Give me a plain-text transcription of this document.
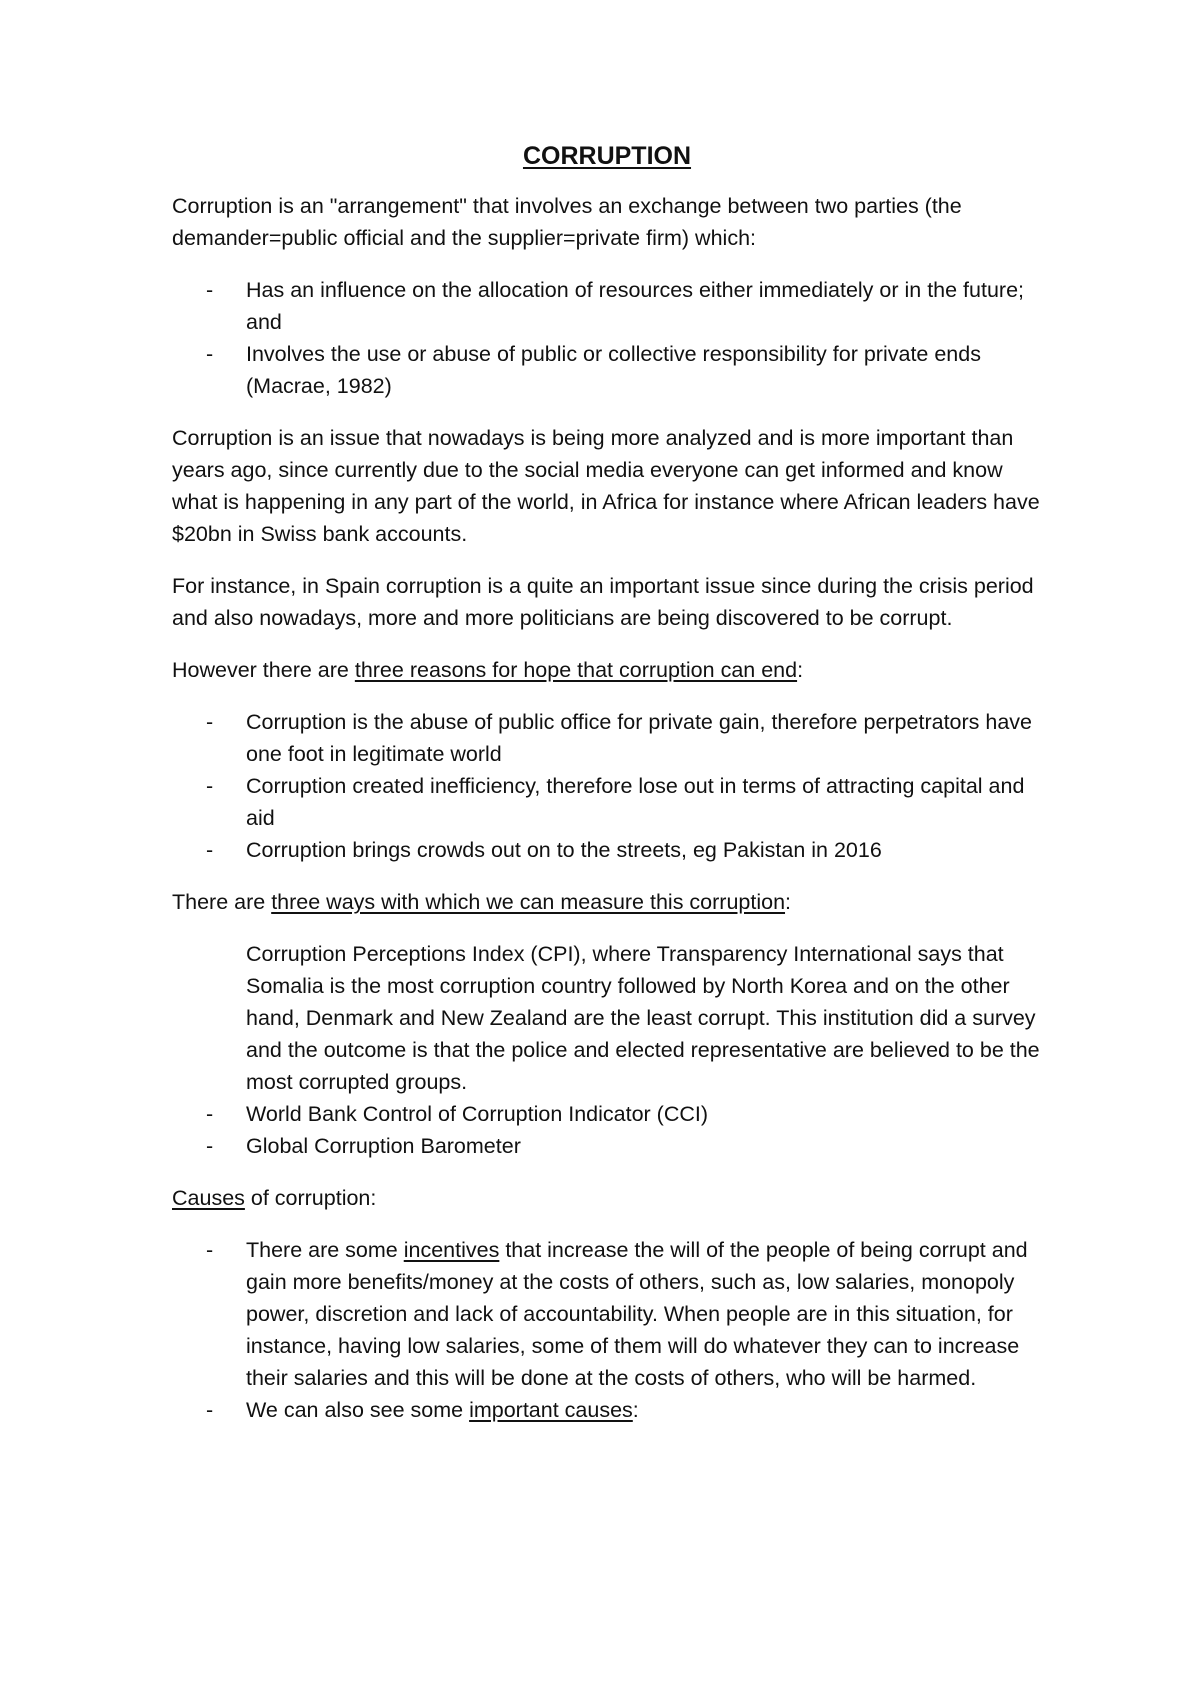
CORRUPTION

Corruption is an "arrangement" that involves an exchange between two parties (the demander=public official and the supplier=private firm) which:

- Has an influence on the allocation of resources either immediately or in the future; and
- Involves the use or abuse of public or collective responsibility for private ends (Macrae, 1982)

Corruption is an issue that nowadays is being more analyzed and is more important than years ago, since currently due to the social media everyone can get informed and know what is happening in any part of the world, in Africa for instance where African leaders have $20bn in Swiss bank accounts.

For instance, in Spain corruption is a quite an important issue since during the crisis period and also nowadays, more and more politicians are being discovered to be corrupt.

However there are three reasons for hope that corruption can end:

- Corruption is the abuse of public office for private gain, therefore perpetrators have one foot in legitimate world
- Corruption created inefficiency, therefore lose out in terms of attracting capital and aid
- Corruption brings crowds out on to the streets, eg Pakistan in 2016

There are three ways with which we can measure this corruption:

Corruption Perceptions Index (CPI), where Transparency International says that Somalia is the most corruption country followed by North Korea and on the other hand, Denmark and New Zealand are the least corrupt. This institution did a survey and the outcome is that the police and elected representative are believed to be the most corrupted groups.
- World Bank Control of Corruption Indicator (CCI)
- Global Corruption Barometer

Causes of corruption:

- There are some incentives that increase the will of the people of being corrupt and gain more benefits/money at the costs of others, such as, low salaries, monopoly power, discretion and lack of accountability. When people are in this situation, for instance, having low salaries, some of them will do whatever they can to increase their salaries and this will be done at the costs of others, who will be harmed.
- We can also see some important causes:
